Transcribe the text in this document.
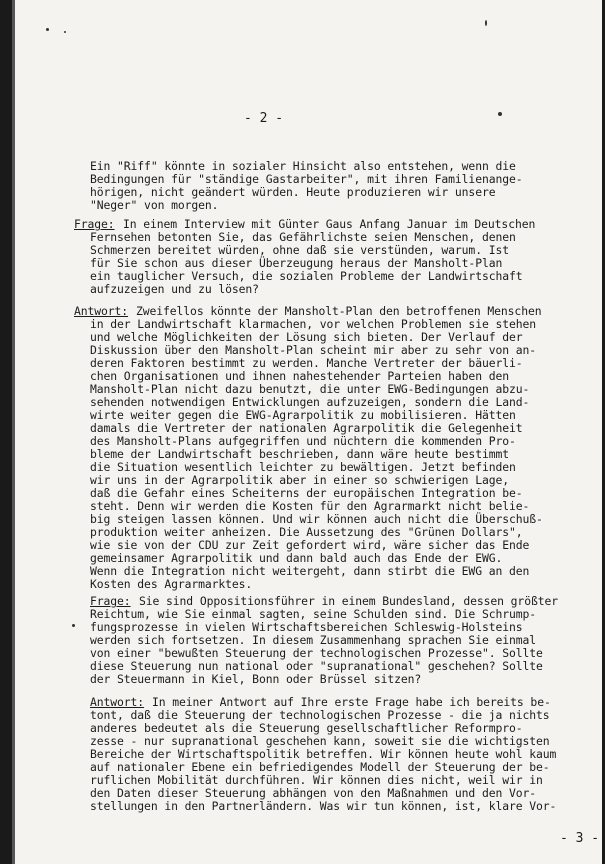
- 2 -
Ein "Riff" könnte in sozialer Hinsicht also entstehen, wenn die
Bedingungen für "ständige Gastarbeiter", mit ihren Familienange-
hörigen, nicht geändert würden. Heute produzieren wir unsere
"Neger" von morgen.
Frage: In einem Interview mit Günter Gaus Anfang Januar im Deutschen
Fernsehen betonten Sie, das Gefährlichste seien Menschen, denen
Schmerzen bereitet würden, ohne daß sie verstünden, warum. Ist
für Sie schon aus dieser Überzeugung heraus der Mansholt-Plan
ein tauglicher Versuch, die sozialen Probleme der Landwirtschaft
aufzuzeigen und zu lösen?
Antwort: Zweifellos könnte der Mansholt-Plan den betroffenen Menschen
in der Landwirtschaft klarmachen, vor welchen Problemen sie stehen
und welche Möglichkeiten der Lösung sich bieten. Der Verlauf der
Diskussion über den Mansholt-Plan scheint mir aber zu sehr von an-
deren Faktoren bestimmt zu werden. Manche Vertreter der bäuerli-
chen Organisationen und ihnen nahestehender Parteien haben den
Mansholt-Plan nicht dazu benutzt, die unter EWG-Bedingungen abzu-
sehenden notwendigen Entwicklungen aufzuzeigen, sondern die Land-
wirte weiter gegen die EWG-Agrarpolitik zu mobilisieren. Hätten
damals die Vertreter der nationalen Agrarpolitik die Gelegenheit
des Mansholt-Plans aufgegriffen und nüchtern die kommenden Pro-
bleme der Landwirtschaft beschrieben, dann wäre heute bestimmt
die Situation wesentlich leichter zu bewältigen. Jetzt befinden
wir uns in der Agrarpolitik aber in einer so schwierigen Lage,
daß die Gefahr eines Scheiterns der europäischen Integration be-
steht. Denn wir werden die Kosten für den Agrarmarkt nicht belie-
big steigen lassen können. Und wir können auch nicht die Überschuß-
produktion weiter anheizen. Die Aussetzung des "Grünen Dollars",
wie sie von der CDU zur Zeit gefordert wird, wäre sicher das Ende
gemeinsamer Agrarpolitik und dann bald auch das Ende der EWG.
Wenn die Integration nicht weitergeht, dann stirbt die EWG an den
Kosten des Agrarmarktes.
Frage: Sie sind Oppositionsführer in einem Bundesland, dessen größter
Reichtum, wie Sie einmal sagten, seine Schulden sind. Die Schrump-
fungsprozesse in vielen Wirtschaftsbereichen Schleswig-Holsteins
werden sich fortsetzen. In diesem Zusammenhang sprachen Sie einmal
von einer "bewußten Steuerung der technologischen Prozesse". Sollte
diese Steuerung nun national oder "supranational" geschehen? Sollte
der Steuermann in Kiel, Bonn oder Brüssel sitzen?
Antwort: In meiner Antwort auf Ihre erste Frage habe ich bereits be-
tont, daß die Steuerung der technologischen Prozesse - die ja nichts
anderes bedeutet als die Steuerung gesellschaftlicher Reformpro-
zesse - nur supranational geschehen kann, soweit sie die wichtigsten
Bereiche der Wirtschaftspolitik betreffen. Wir können heute wohl kaum
auf nationaler Ebene ein befriedigendes Modell der Steuerung der be-
ruflichen Mobilität durchführen. Wir können dies nicht, weil wir in
den Daten dieser Steuerung abhängen von den Maßnahmen und den Vor-
stellungen in den Partnerländern. Was wir tun können, ist, klare Vor-
- 3 -
